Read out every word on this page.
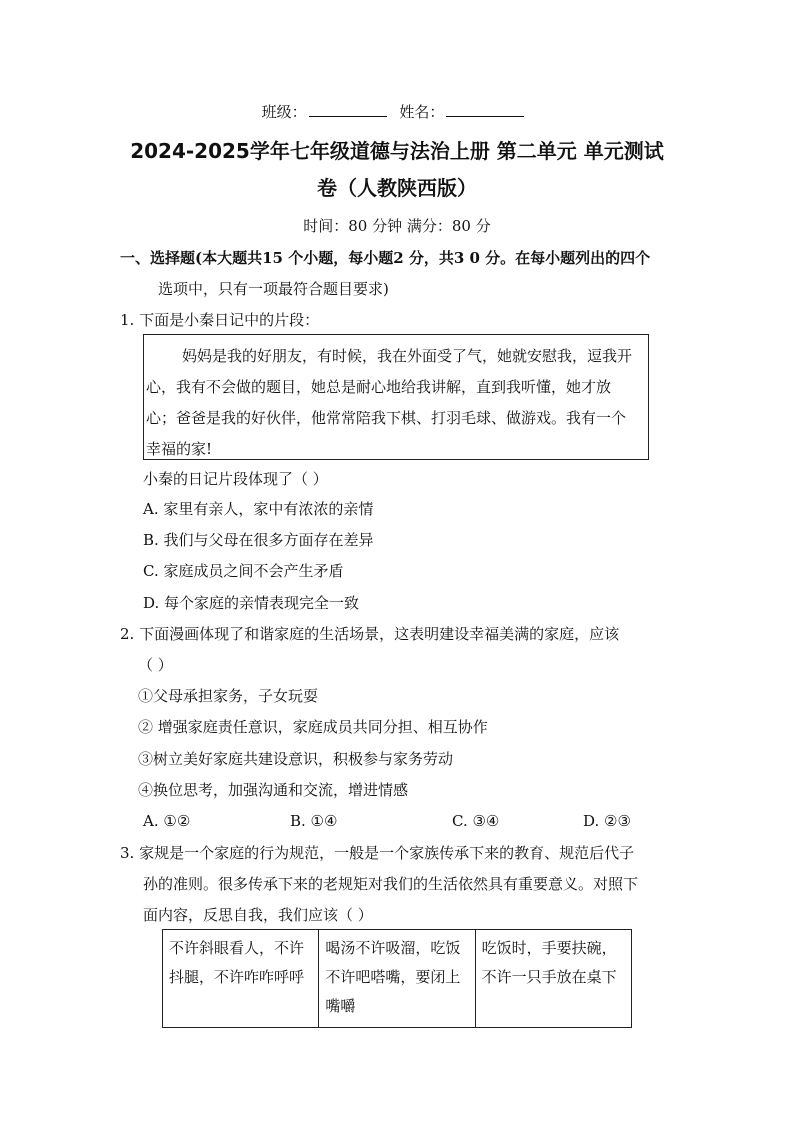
班级：	姓名：
2024-2025学年七年级道德与法治上册 第二单元 单元测试
卷（人教陕西版）
时间：80 分钟 满分：80 分
一、选择题(本大题共15 个小题，每小题2 分，共3 0 分。在每小题列出的四个
选项中，只有一项最符合题目要求)
1. 下面是小秦日记中的片段：

妈妈是我的好朋友，有时候，我在外面受了气，她就安慰我，逗我开心，我有不会做的题目，她总是耐心地给我讲解，直到我听懂，她才放心；爸爸是我的好伙伴，他常常陪我下棋、打羽毛球、做游戏。我有一个幸福的家!

小秦的日记片段体现了（ ）
A. 家里有亲人，家中有浓浓的亲情
B. 我们与父母在很多方面存在差异
C. 家庭成员之间不会产生矛盾
D. 每个家庭的亲情表现完全一致
2. 下面漫画体现了和谐家庭的生活场景，这表明建设幸福美满的家庭，应该
（ ）
①父母承担家务，子女玩耍
② 增强家庭责任意识，家庭成员共同分担、相互协作
③树立美好家庭共建设意识，积极参与家务劳动
④换位思考，加强沟通和交流，增进情感
A. ①②	B. ①④	C. ③④	D. ②③
3. 家规是一个家庭的行为规范，一般是一个家族传承下来的教育、规范后代子
孙的准则。很多传承下来的老规矩对我们的生活依然具有重要意义。对照下
面内容，反思自我，我们应该（ ）
不许斜眼看人，不许抖腿，不许咋咋呼呼	喝汤不许吸溜，吃饭不许吧嗒嘴，要闭上嘴嚼	吃饭时，手要扶碗，不许一只手放在桌下
